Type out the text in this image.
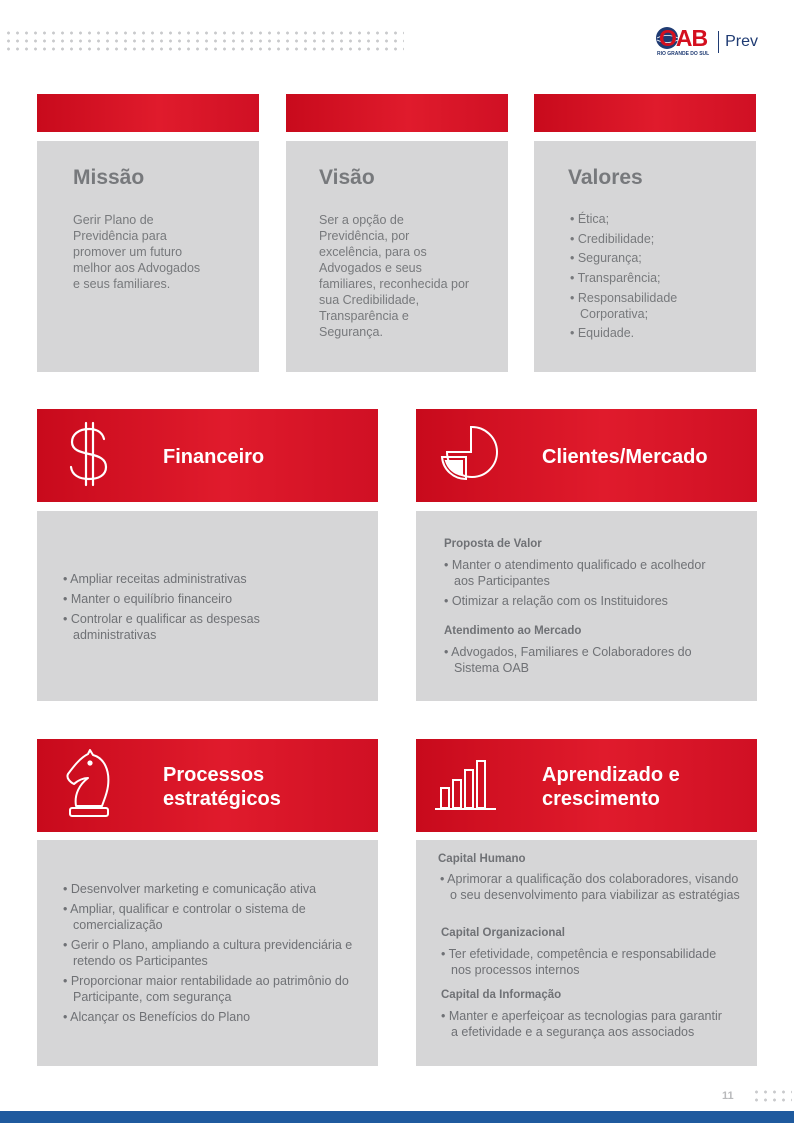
OAB
RIO GRANDE DO SUL
Prev
Missão
Gerir Plano de Previdência para promover um futuro melhor aos Advogados e seus familiares.
Visão
Ser a opção de Previdência, por excelência, para os Advogados e seus familiares, reconhecida por sua Credibilidade, Transparência e Segurança.
Valores
• Ética;
• Credibilidade;
• Segurança;
• Transparência;
• Responsabilidade Corporativa;
• Equidade.
Financeiro
• Ampliar receitas administrativas
• Manter o equilíbrio financeiro
• Controlar e qualificar as despesas administrativas
Clientes/Mercado
Proposta de Valor
• Manter o atendimento qualificado e acolhedor aos Participantes
• Otimizar a relação com os Instituidores
Atendimento ao Mercado
• Advogados, Familiares e Colaboradores do Sistema OAB
Processos
estratégicos
• Desenvolver marketing e comunicação ativa
• Ampliar, qualificar e controlar o sistema de comercialização
• Gerir o Plano, ampliando a cultura previdenciária e retendo os Participantes
• Proporcionar maior rentabilidade ao patrimônio do Participante, com segurança
• Alcançar os Benefícios do Plano
Aprendizado e
crescimento
Capital Humano
• Aprimorar a qualificação dos colaboradores, visando o seu desenvolvimento para viabilizar as estratégias
Capital Organizacional
• Ter efetividade, competência e responsabilidade nos processos internos
Capital da Informação
• Manter e aperfeiçoar as tecnologias para garantir a efetividade e a segurança aos associados
11
